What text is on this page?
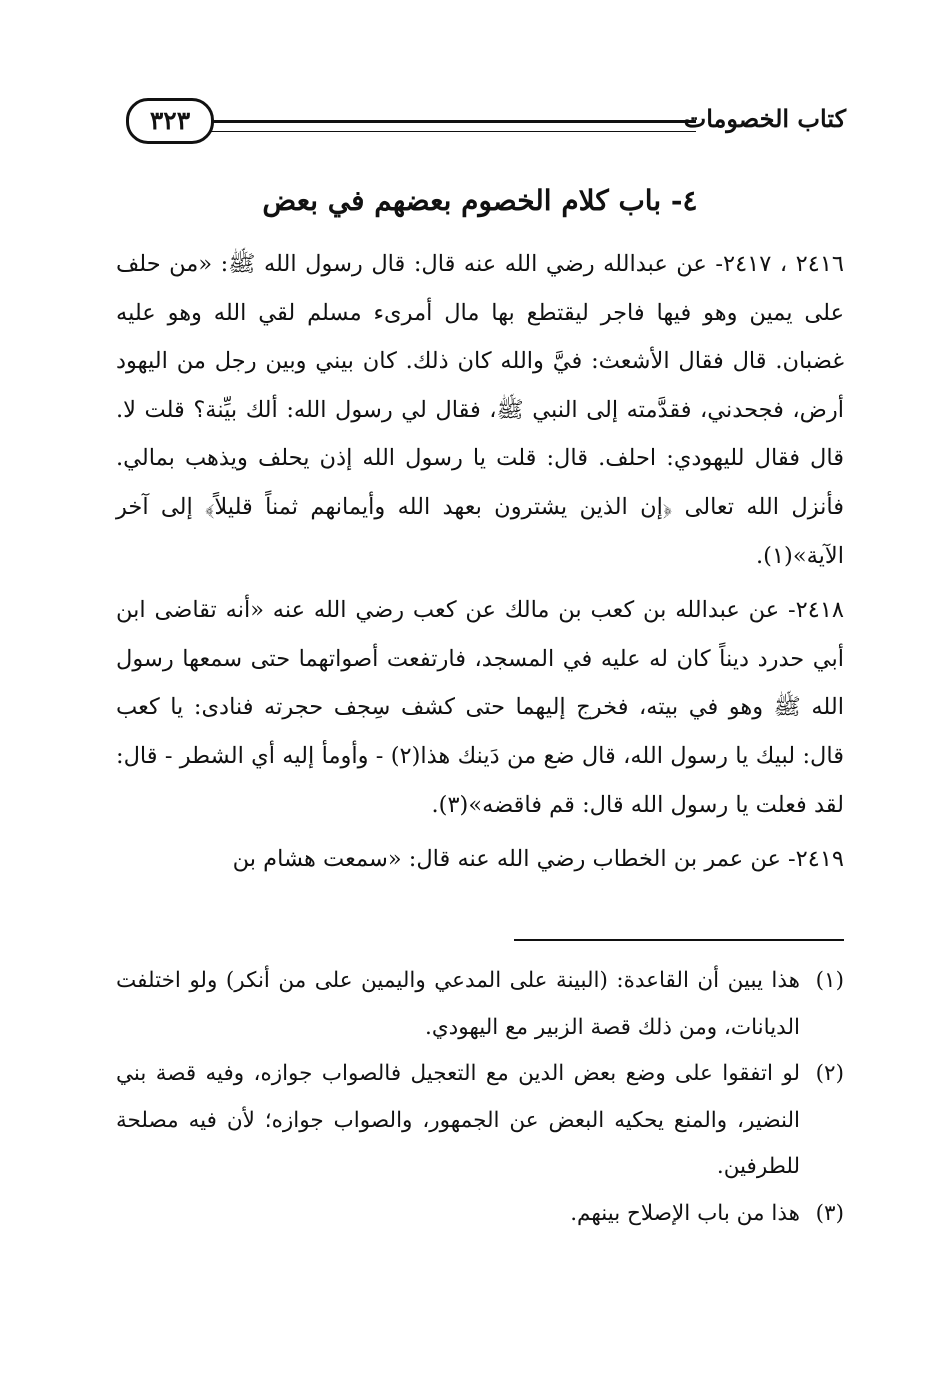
كتاب الخصومات
٣٢٣
٤- باب كلام الخصوم بعضهم في بعض

٢٤١٦ ، ٢٤١٧- عن عبدالله رضي الله عنه قال: قال رسول الله ﷺ: «من حلف على يمين وهو فيها فاجر ليقتطع بها مال أمرىء مسلم لقي الله وهو عليه غضبان. قال فقال الأشعث: فيَّ والله كان ذلك. كان بيني وبين رجل من اليهود أرض، فجحدني، فقدَّمته إلى النبي ﷺ، فقال لي رسول الله: ألك بيِّنة؟ قلت لا. قال فقال لليهودي: احلف. قال: قلت يا رسول الله إذن يحلف ويذهب بمالي. فأنزل الله تعالى ﴿إن الذين يشترون بعهد الله وأيمانهم ثمناً قليلاً﴾ إلى آخر الآية»(١).

٢٤١٨- عن عبدالله بن كعب بن مالك عن كعب رضي الله عنه «أنه تقاضى ابن أبي حدرد ديناً كان له عليه في المسجد، فارتفعت أصواتهما حتى سمعها رسول الله ﷺ وهو في بيته، فخرج إليهما حتى كشف سِجف حجرته فنادى: يا كعب قال: لبيك يا رسول الله، قال ضع من دَينك هذا(٢) - وأومأ إليه أي الشطر - قال: لقد فعلت يا رسول الله قال: قم فاقضه»(٣).

٢٤١٩- عن عمر بن الخطاب رضي الله عنه قال: «سمعت هشام بن

(١)
هذا يبين أن القاعدة: (البينة على المدعي واليمين على من أنكر) ولو اختلفت الديانات، ومن ذلك قصة الزبير مع اليهودي.
(٢)
لو اتفقوا على وضع بعض الدين مع التعجيل فالصواب جوازه، وفيه قصة بني النضير، والمنع يحكيه البعض عن الجمهور، والصواب جوازه؛ لأن فيه مصلحة للطرفين.
(٣)
هذا من باب الإصلاح بينهم.
